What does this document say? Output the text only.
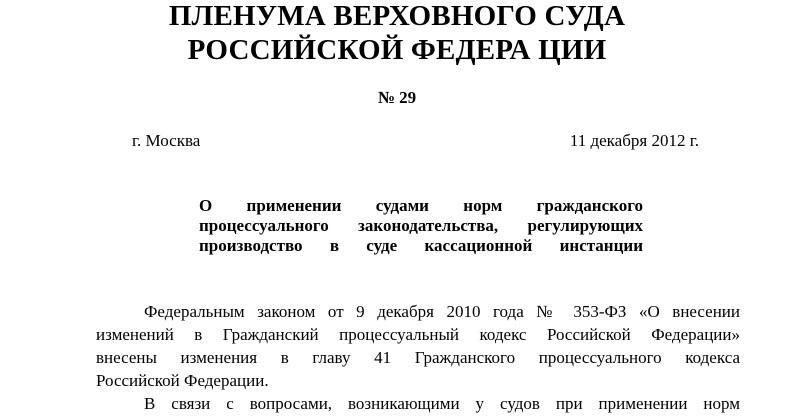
ПЛЕНУМА ВЕРХОВНОГО СУДА
РОССИЙСКОЙ ФЕДЕРА ЦИИ
№ 29
г. Москва	11 декабря 2012 г.
О применении судами норм гражданского
процессуального законодательства, регулирующих
производство в суде кассационной инстанции
Федеральным законом от 9 декабря 2010 года № 353-ФЗ «О внесении
изменений в Гражданский процессуальный кодекс Российской Федерации»
внесены изменения в главу 41 Гражданского процессуального кодекса
Российской Федерации.
В связи с вопросами, возникающими у судов при применении норм
